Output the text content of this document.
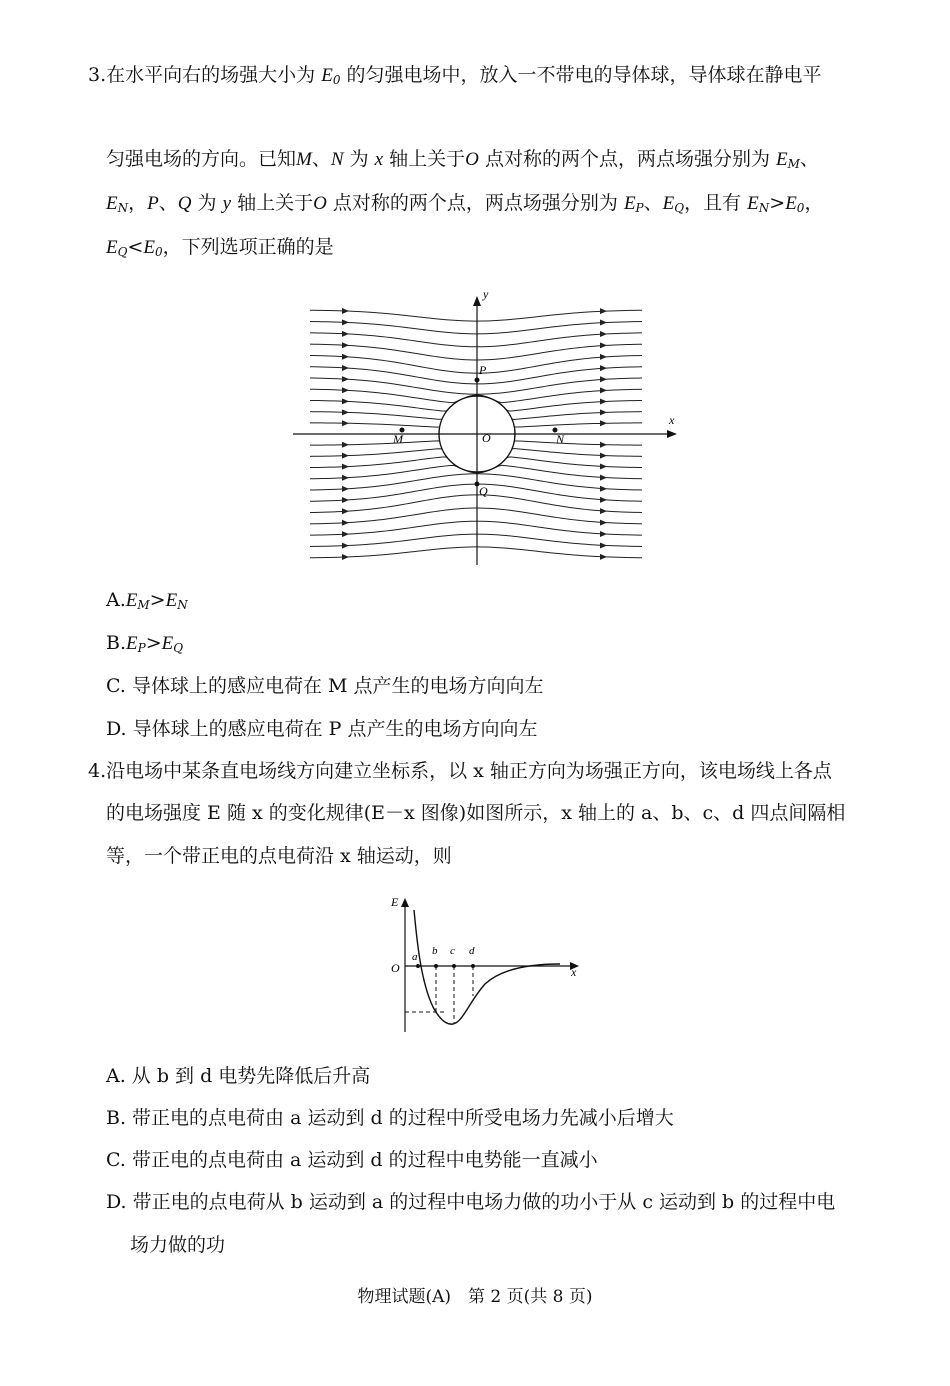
3.在水平向右的场强大小为 $E_0$ 的匀强电场中，放入一不带电的导体球，导体球在静电平
匀强电场的方向。已知M、N 为 x 轴上关于O 点对称的两个点，两点场强分别为 $E_M$、
$E_N$，P、Q 为 y 轴上关于O 点对称的两个点，两点场强分别为 $E_P$、$E_Q$，且有 $E_N>E_0$，
$E_Q<E_0$，下列选项正确的是
y
x
P
O
M	N
Q
$A.E_M>E_N$
$B.E_P>E_Q$
C. 导体球上的感应电荷在 M 点产生的电场方向向左
D. 导体球上的感应电荷在 P 点产生的电场方向向左
4.沿电场中某条直电场线方向建立坐标系，以 x 轴正方向为场强正方向，该电场线上各点
的电场强度 E 随 x 的变化规律(E－x 图像)如图所示，x 轴上的 a、b、c、d 四点间隔相
等，一个带正电的点电荷沿 x 轴运动，则
E
O	x
a b c d
A. 从 b 到 d 电势先降低后升高
B. 带正电的点电荷由 a 运动到 d 的过程中所受电场力先减小后增大
C. 带正电的点电荷由 a 运动到 d 的过程中电势能一直减小
D. 带正电的点电荷从 b 运动到 a 的过程中电场力做的功小于从 c 运动到 b 的过程中电
场力做的功
物理试题(A)　第 2 页(共 8 页)
